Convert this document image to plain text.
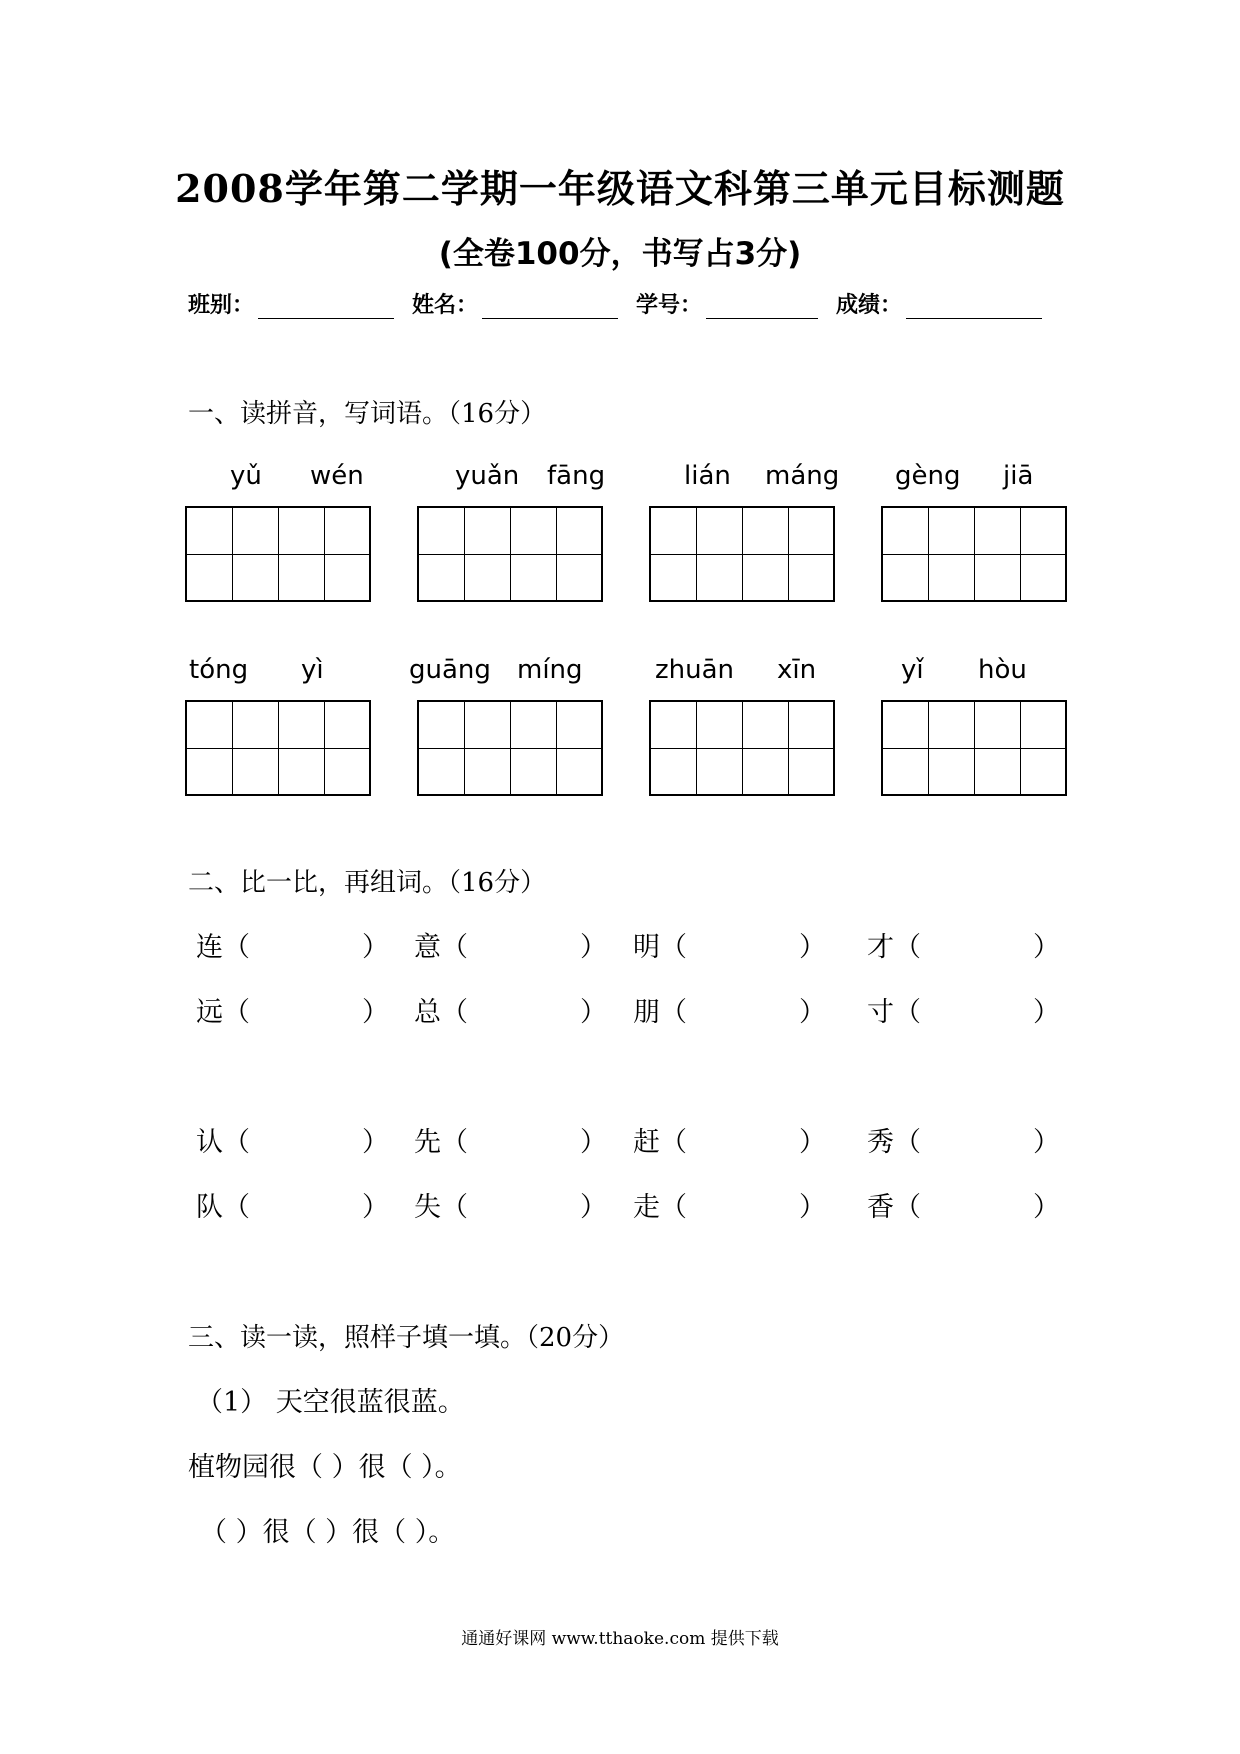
2008学年第二学期一年级语文科第三单元目标测题
(全卷100分，书写占3分)
班别：	姓名：	学号：	成绩：
一、读拼音，写词语。（16分）
yǔ wén	yuǎn fāng	lián máng gèng jiā
tóng yì	guāng míng	zhuān xīn	yǐ hòu
二、比一比，再组词。（16分）
连（	） 意（	） 明（	） 才（	）
远（	） 总（	） 朋（	） 寸（	）
认（	） 先（	） 赶（	） 秀（	）
队（	） 失（	） 走（	） 香（	）
三、读一读，照样子填一填。（20分）
（1） 天空很蓝很蓝。
植物园很（ ）很（ ）。
（ ）很（ ）很（ ）。
通通好课网 www.tthaoke.com 提供下载
